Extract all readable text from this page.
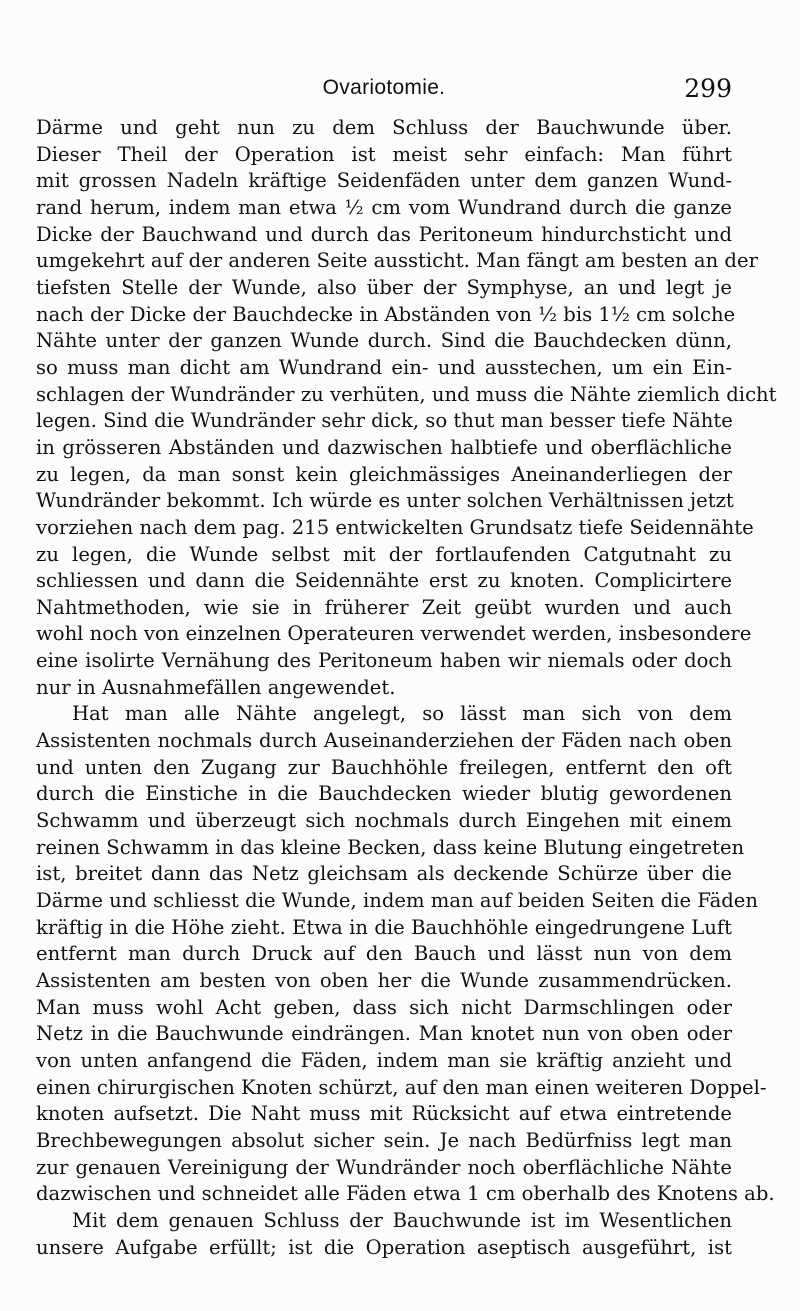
Ovariotomie.	299
Därme und geht nun zu dem Schluss der Bauchwunde über.
Dieser Theil der Operation ist meist sehr einfach: Man führt
mit grossen Nadeln kräftige Seidenfäden unter dem ganzen Wund-
rand herum, indem man etwa ½ cm vom Wundrand durch die ganze
Dicke der Bauchwand und durch das Peritoneum hindurchsticht und
umgekehrt auf der anderen Seite aussticht. Man fängt am besten an der
tiefsten Stelle der Wunde, also über der Symphyse, an und legt je
nach der Dicke der Bauchdecke in Abständen von ½ bis 1½ cm solche
Nähte unter der ganzen Wunde durch. Sind die Bauchdecken dünn,
so muss man dicht am Wundrand ein- und ausstechen, um ein Ein-
schlagen der Wundränder zu verhüten, und muss die Nähte ziemlich dicht
legen. Sind die Wundränder sehr dick, so thut man besser tiefe Nähte
in grösseren Abständen und dazwischen halbtiefe und oberflächliche
zu legen, da man sonst kein gleichmässiges Aneinanderliegen der
Wundränder bekommt. Ich würde es unter solchen Verhältnissen jetzt
vorziehen nach dem pag. 215 entwickelten Grundsatz tiefe Seidennähte
zu legen, die Wunde selbst mit der fortlaufenden Catgutnaht zu
schliessen und dann die Seidennähte erst zu knoten. Complicirtere
Nahtmethoden, wie sie in früherer Zeit geübt wurden und auch
wohl noch von einzelnen Operateuren verwendet werden, insbesondere
eine isolirte Vernähung des Peritoneum haben wir niemals oder doch
nur in Ausnahmefällen angewendet.
Hat man alle Nähte angelegt, so lässt man sich von dem
Assistenten nochmals durch Auseinanderziehen der Fäden nach oben
und unten den Zugang zur Bauchhöhle freilegen, entfernt den oft
durch die Einstiche in die Bauchdecken wieder blutig gewordenen
Schwamm und überzeugt sich nochmals durch Eingehen mit einem
reinen Schwamm in das kleine Becken, dass keine Blutung eingetreten
ist, breitet dann das Netz gleichsam als deckende Schürze über die
Därme und schliesst die Wunde, indem man auf beiden Seiten die Fäden
kräftig in die Höhe zieht. Etwa in die Bauchhöhle eingedrungene Luft
entfernt man durch Druck auf den Bauch und lässt nun von dem
Assistenten am besten von oben her die Wunde zusammendrücken.
Man muss wohl Acht geben, dass sich nicht Darmschlingen oder
Netz in die Bauchwunde eindrängen. Man knotet nun von oben oder
von unten anfangend die Fäden, indem man sie kräftig anzieht und
einen chirurgischen Knoten schürzt, auf den man einen weiteren Doppel-
knoten aufsetzt. Die Naht muss mit Rücksicht auf etwa eintretende
Brechbewegungen absolut sicher sein. Je nach Bedürfniss legt man
zur genauen Vereinigung der Wundränder noch oberflächliche Nähte
dazwischen und schneidet alle Fäden etwa 1 cm oberhalb des Knotens ab.
Mit dem genauen Schluss der Bauchwunde ist im Wesentlichen
unsere Aufgabe erfüllt; ist die Operation aseptisch ausgeführt, ist
